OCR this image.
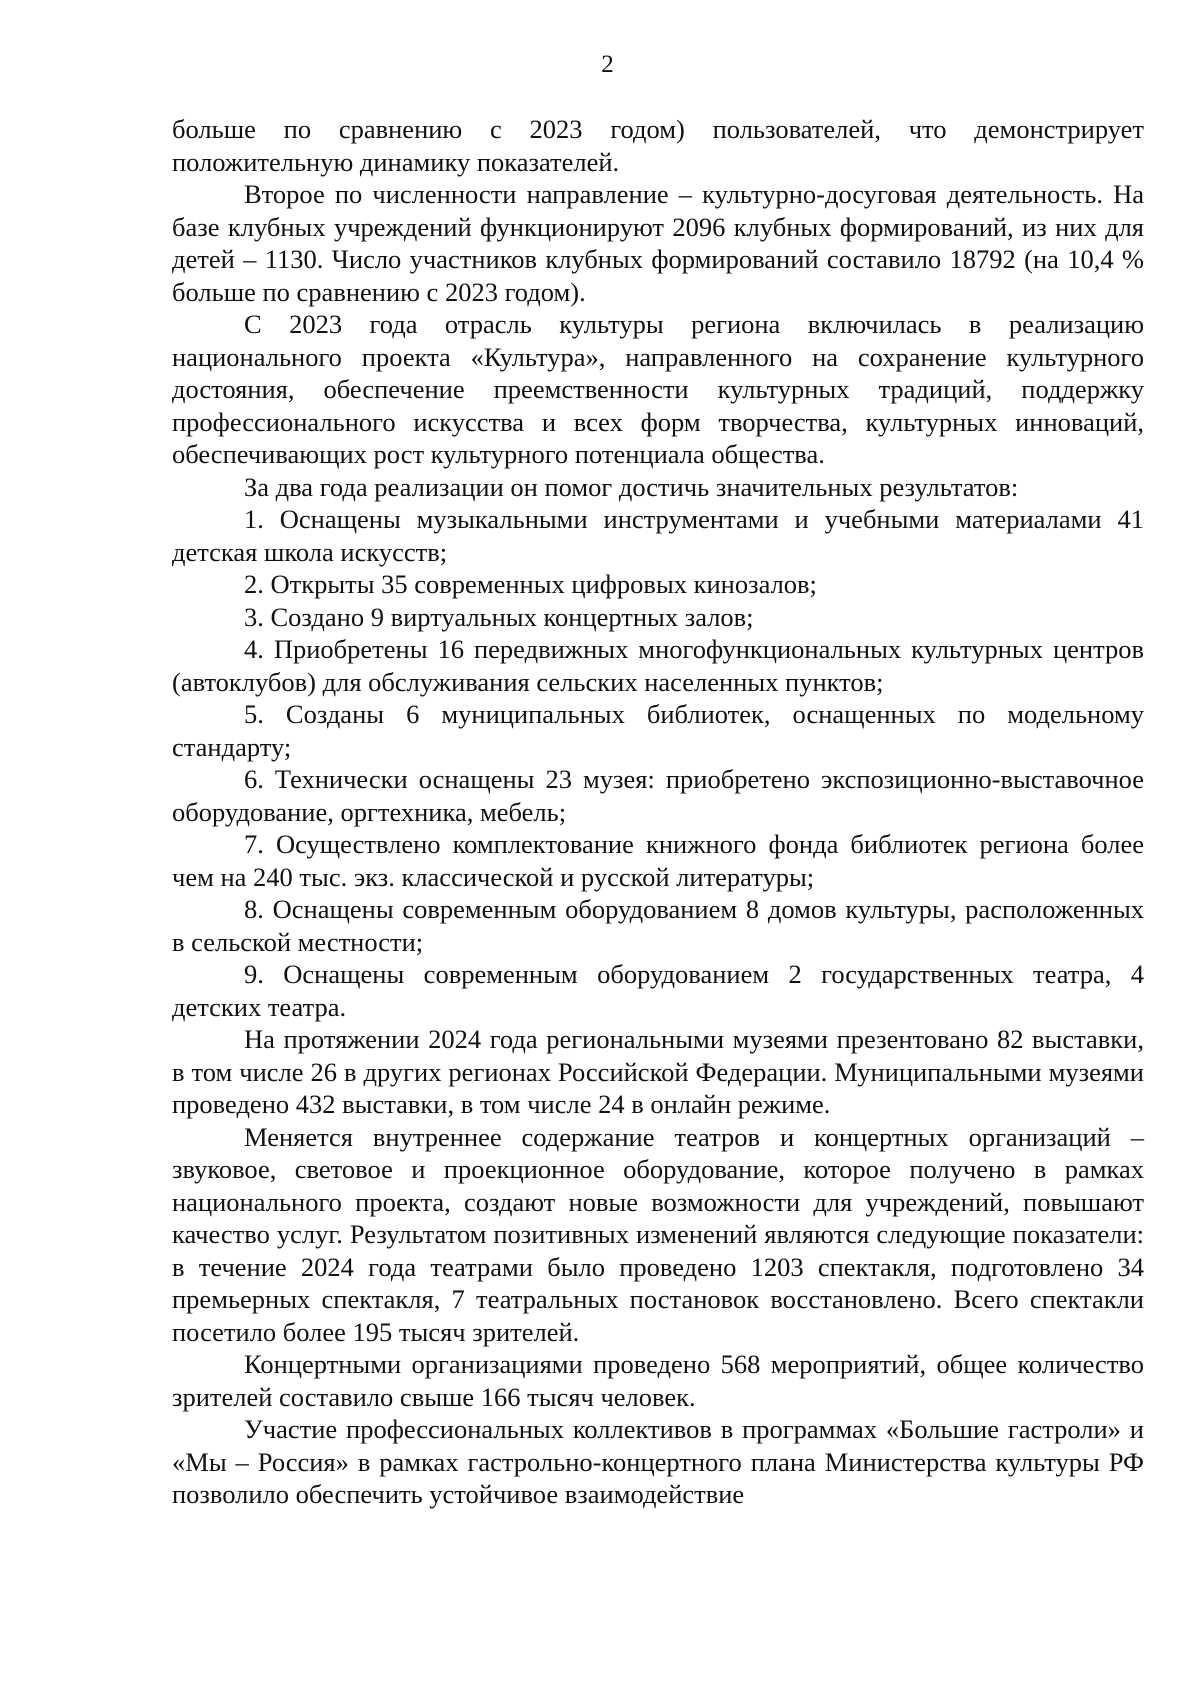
2

больше по сравнению с 2023 годом) пользователей, что демонстрирует положительную динамику показателей.

Второе по численности направление – культурно-досуговая деятельность. На базе клубных учреждений функционируют 2096 клубных формирований, из них для детей – 1130. Число участников клубных формирований составило 18792 (на 10,4 % больше по сравнению с 2023 годом).

С 2023 года отрасль культуры региона включилась в реализацию национального проекта «Культура», направленного на сохранение культурного достояния, обеспечение преемственности культурных традиций, поддержку профессионального искусства и всех форм творчества, культурных инноваций, обеспечивающих рост культурного потенциала общества.

За два года реализации он помог достичь значительных результатов:

1. Оснащены музыкальными инструментами и учебными материалами 41 детская школа искусств;

2. Открыты 35 современных цифровых кинозалов;

3. Создано 9 виртуальных концертных залов;

4. Приобретены 16 передвижных многофункциональных культурных центров (автоклубов) для обслуживания сельских населенных пунктов;

5. Созданы 6 муниципальных библиотек, оснащенных по модельному стандарту;

6. Технически оснащены 23 музея: приобретено экспозиционно-выставочное оборудование, оргтехника, мебель;

7. Осуществлено комплектование книжного фонда библиотек региона более чем на 240 тыс. экз. классической и русской литературы;

8. Оснащены современным оборудованием 8 домов культуры, расположенных в сельской местности;

9. Оснащены современным оборудованием 2 государственных театра, 4 детских театра.

На протяжении 2024 года региональными музеями презентовано 82 выставки, в том числе 26 в других регионах Российской Федерации. Муниципальными музеями проведено 432 выставки, в том числе 24 в онлайн режиме.

Меняется внутреннее содержание театров и концертных организаций – звуковое, световое и проекционное оборудование, которое получено в рамках национального проекта, создают новые возможности для учреждений, повышают качество услуг. Результатом позитивных изменений являются следующие показатели: в течение 2024 года театрами было проведено 1203 спектакля, подготовлено 34 премьерных спектакля, 7 театральных постановок восстановлено. Всего спектакли посетило более 195 тысяч зрителей.

Концертными организациями проведено 568 мероприятий, общее количество зрителей составило свыше 166 тысяч человек.

Участие профессиональных коллективов в программах «Большие гастроли» и «Мы – Россия» в рамках гастрольно-концертного плана Министерства культуры РФ позволило обеспечить устойчивое взаимодействие
